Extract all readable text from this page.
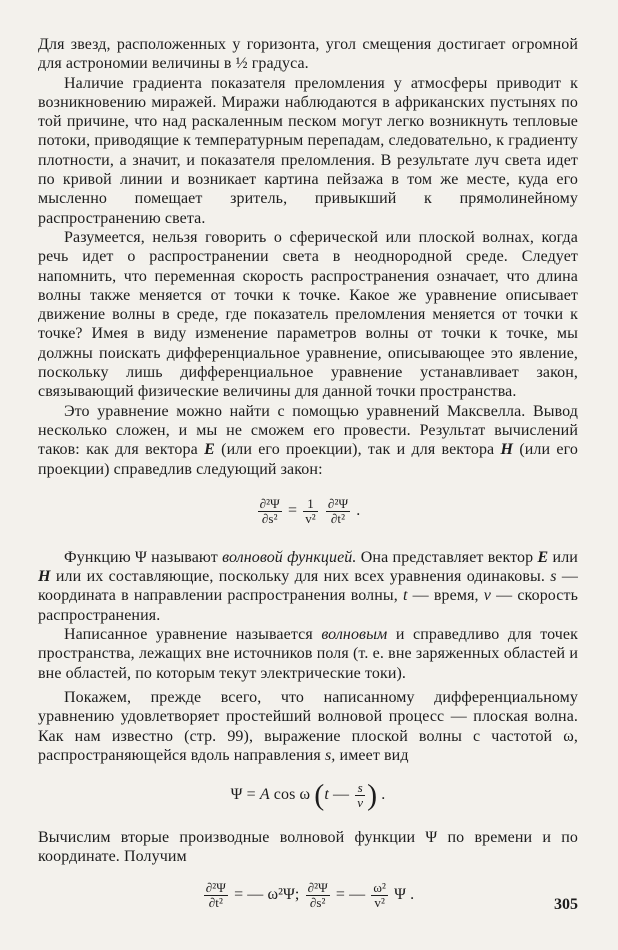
Для звезд, расположенных у горизонта, угол смещения достигает огромной для астрономии величины в ½ градуса.

Наличие градиента показателя преломления у атмосферы приводит к возникновению миражей. Миражи наблюдаются в африканских пустынях по той причине, что над раскаленным песком могут легко возникнуть тепловые потоки, приводящие к температурным перепадам, следовательно, к градиенту плотности, а значит, и показателя преломления. В результате луч света идет по кривой линии и возникает картина пейзажа в том же месте, куда его мысленно помещает зритель, привыкший к прямолинейному распространению света.

Разумеется, нельзя говорить о сферической или плоской волнах, когда речь идет о распространении света в неоднородной среде. Следует напомнить, что переменная скорость распространения означает, что длина волны также меняется от точки к точке. Какое же уравнение описывает движение волны в среде, где показатель преломления меняется от точки к точке? Имея в виду изменение параметров волны от точки к точке, мы должны поискать дифференциальное уравнение, описывающее это явление, поскольку лишь дифференциальное уравнение устанавливает закон, связывающий физические величины для данной точки пространства.

Это уравнение можно найти с помощью уравнений Максвелла. Вывод несколько сложен, и мы не сможем его провести. Результат вычислений таков: как для вектора E (или его проекции), так и для вектора H (или его проекции) справедлив следующий закон:

$\frac{\text{∂²Ψ}}{\text{∂s²}} = \frac{1}{\text{v²}}$
$\frac{\text{∂²Ψ}}{\text{∂t²}}$ .

Функцию Ψ называют волновой функцией. Она представляет вектор E или H или их составляющие, поскольку для них всех уравнения одинаковы. s — координата в направлении распространения волны, t — время, v — скорость распространения.

Написанное уравнение называется волновым и справедливо для точек пространства, лежащих вне источников поля (т. е. вне заряженных областей и вне областей, по которым текут электрические токи).

Покажем, прежде всего, что написанному дифференциальному уравнению удовлетворяет простейший волновой процесс — плоская волна. Как нам известно (стр. 99), выражение плоской волны с частотой ω, распространяющейся вдоль направления s, имеет вид

Ψ = A cos ω (t — $\frac{s}{v}$ ) .

Вычислим вторые производные волновой функции Ψ по времени и по координате. Получим

$\frac{\text{∂²Ψ}}{\text{∂t²}}$ = — ω²Ψ; $\frac{\text{∂²Ψ}}{\text{∂s²}}$ = — $\frac{\text{ω²}}{\text{v²}}$ Ψ .
305
